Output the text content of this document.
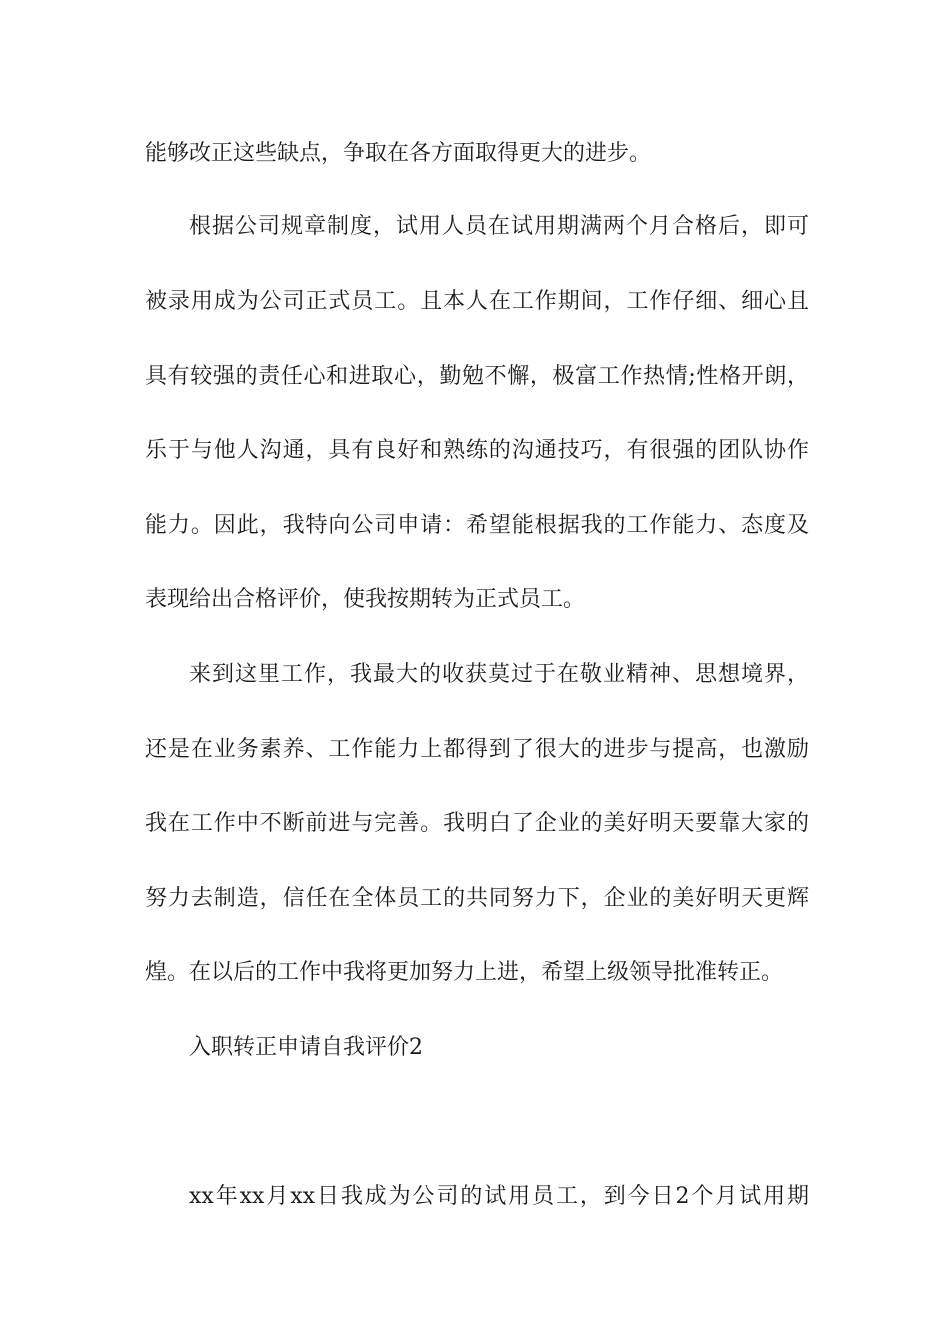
能够改正这些缺点，争取在各方面取得更大的进步。
根据公司规章制度，试用人员在试用期满两个月合格后，即可
被录用成为公司正式员工。且本人在工作期间，工作仔细、细心且
具有较强的责任心和进取心，勤勉不懈，极富工作热情;性格开朗，
乐于与他人沟通，具有良好和熟练的沟通技巧，有很强的团队协作
能力。因此，我特向公司申请：希望能根据我的工作能力、态度及
表现给出合格评价，使我按期转为正式员工。
来到这里工作，我最大的收获莫过于在敬业精神、思想境界，
还是在业务素养、工作能力上都得到了很大的进步与提高，也激励
我在工作中不断前进与完善。我明白了企业的美好明天要靠大家的
努力去制造，信任在全体员工的共同努力下，企业的美好明天更辉
煌。在以后的工作中我将更加努力上进，希望上级领导批准转正。
入职转正申请自我评价2
xx年xx月xx日我成为公司的试用员工，到今日2个月试用期
